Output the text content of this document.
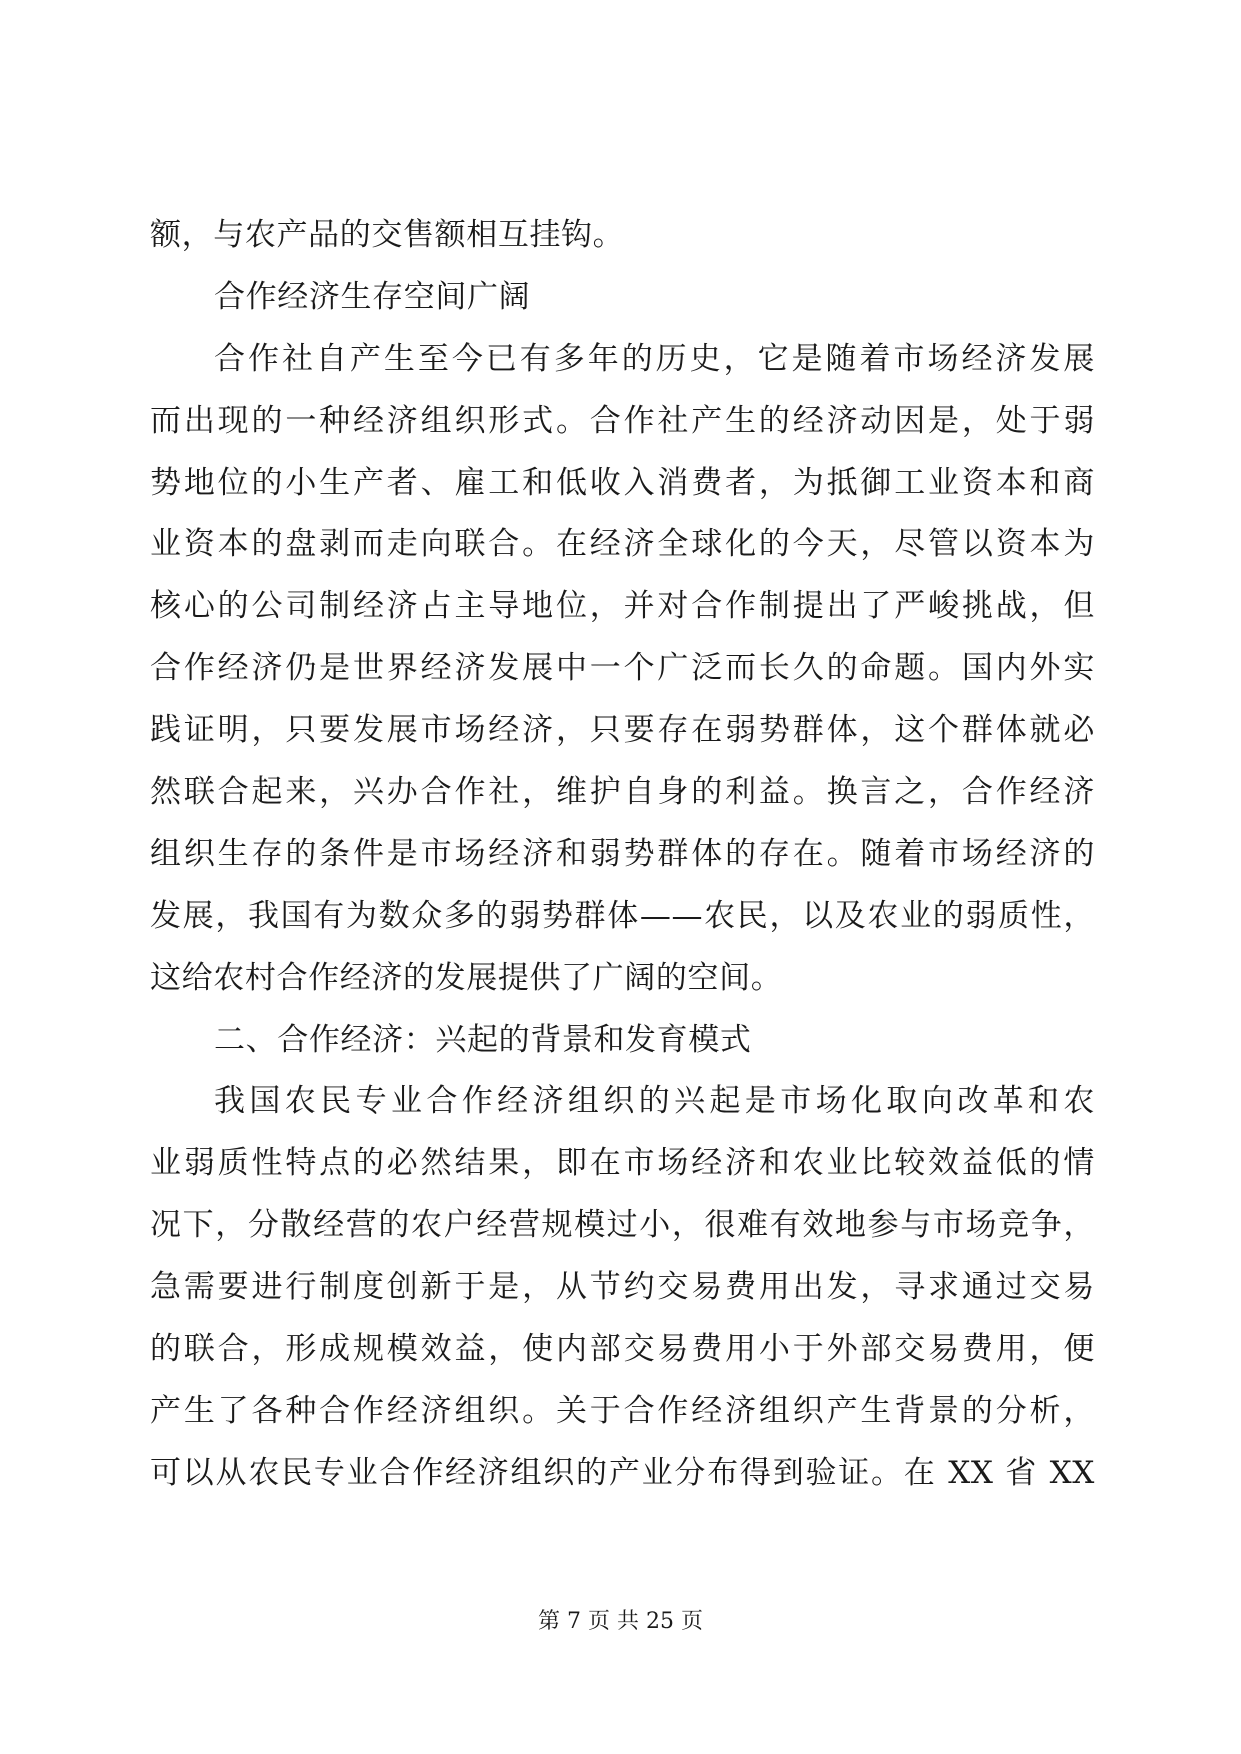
额，与农产品的交售额相互挂钩。
合作经济生存空间广阔
合作社自产生至今已有多年的历史，它是随着市场经济发展
而出现的一种经济组织形式。合作社产生的经济动因是，处于弱
势地位的小生产者、雇工和低收入消费者，为抵御工业资本和商
业资本的盘剥而走向联合。在经济全球化的今天，尽管以资本为
核心的公司制经济占主导地位，并对合作制提出了严峻挑战，但
合作经济仍是世界经济发展中一个广泛而长久的命题。国内外实
践证明，只要发展市场经济，只要存在弱势群体，这个群体就必
然联合起来，兴办合作社，维护自身的利益。换言之，合作经济
组织生存的条件是市场经济和弱势群体的存在。随着市场经济的
发展，我国有为数众多的弱势群体——农民，以及农业的弱质性，
这给农村合作经济的发展提供了广阔的空间。
二、合作经济：兴起的背景和发育模式
我国农民专业合作经济组织的兴起是市场化取向改革和农
业弱质性特点的必然结果，即在市场经济和农业比较效益低的情
况下，分散经营的农户经营规模过小，很难有效地参与市场竞争，
急需要进行制度创新于是，从节约交易费用出发，寻求通过交易
的联合，形成规模效益，使内部交易费用小于外部交易费用，便
产生了各种合作经济组织。关于合作经济组织产生背景的分析，
可以从农民专业合作经济组织的产业分布得到验证。在 XX 省 XX
第 7 页 共 25 页
